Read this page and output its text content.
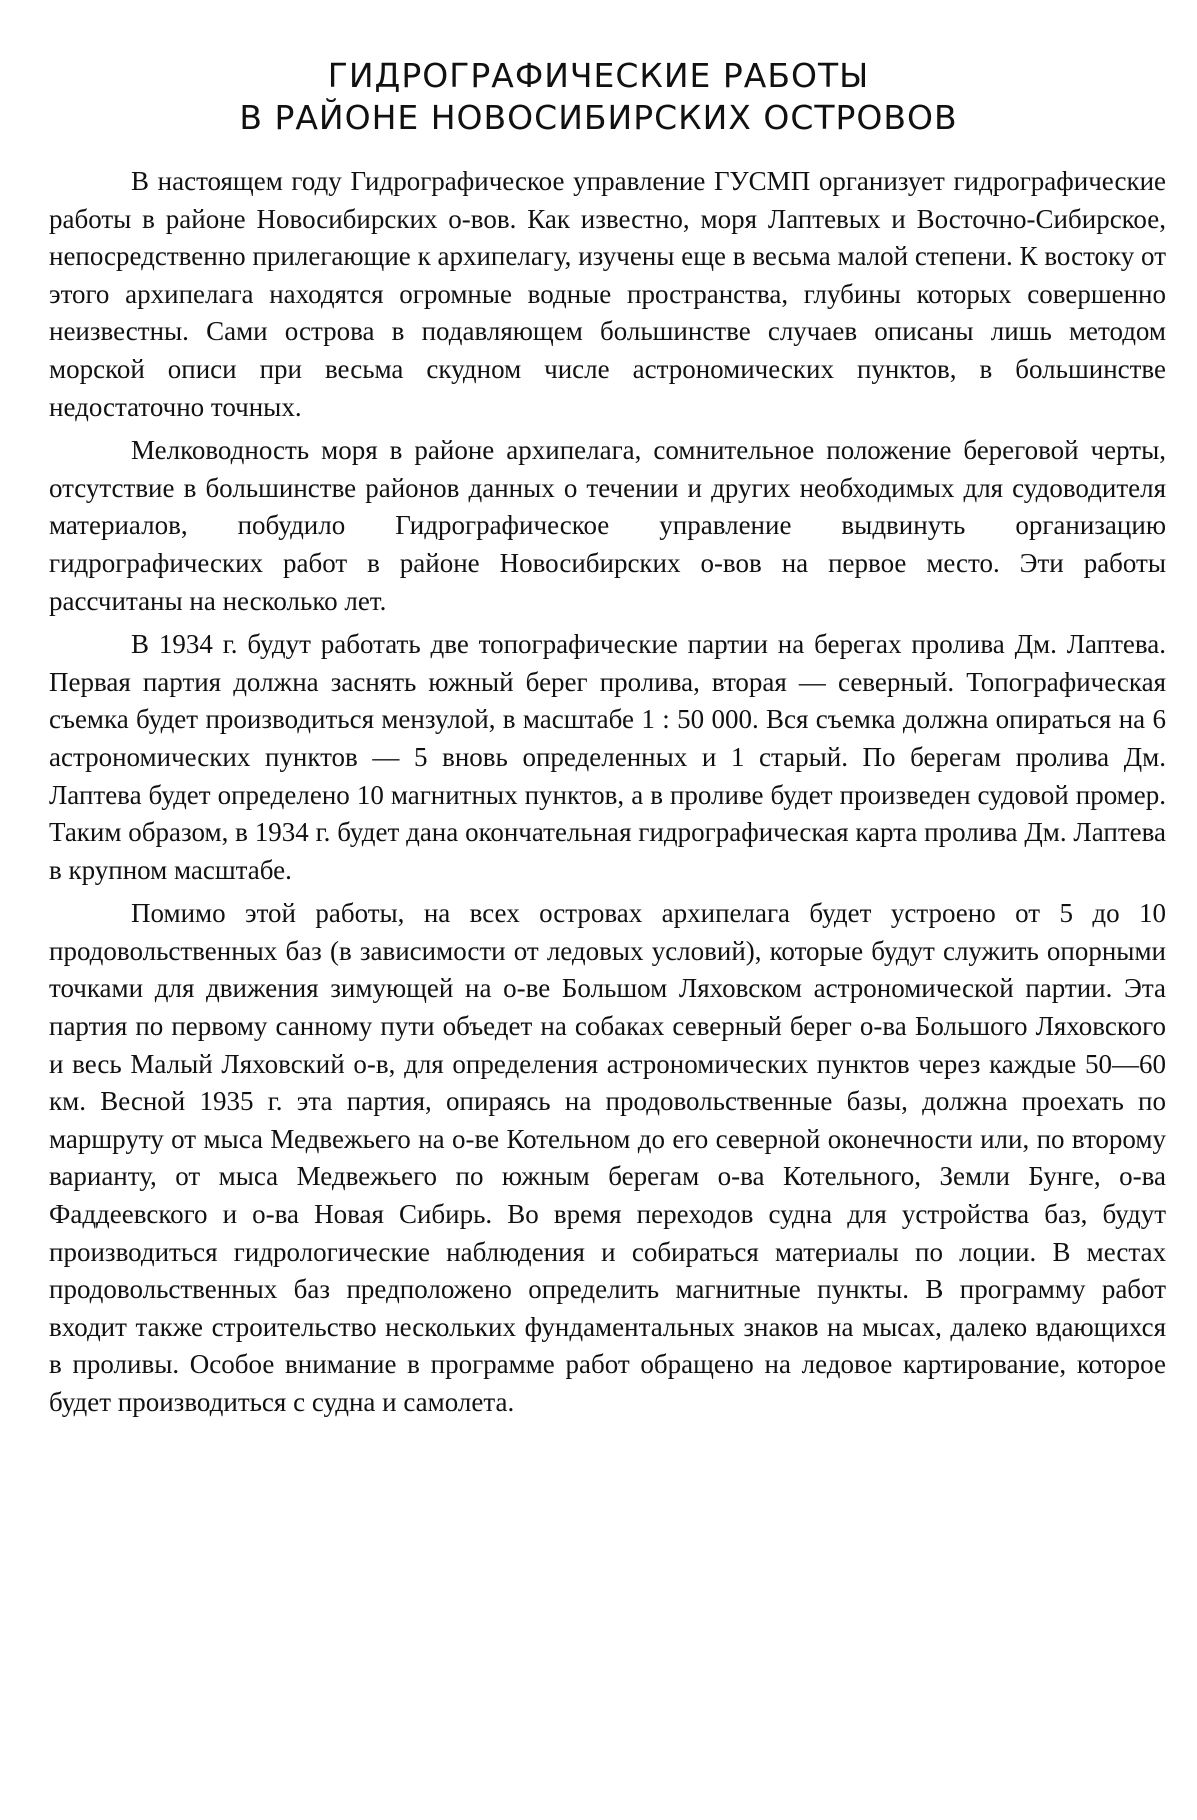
ГИДРОГРАФИЧЕСКИЕ РАБОТЫ
В РАЙОНЕ НОВОСИБИРСКИХ ОСТРОВОВ

В настоящем году Гидрографическое управление ГУСМП организует гидрографические работы в районе Новосибирских о-вов. Как известно, моря Лаптевых и Восточно-Сибирское, непосредственно прилегающие к архипелагу, изучены еще в весьма малой степени. К востоку от этого архипелага находятся огромные водные пространства, глубины которых совершенно неизвестны. Сами острова в подавляющем большинстве случаев описаны лишь методом морской описи при весьма скудном числе астрономических пунктов, в большинстве недостаточно точных.

Мелководность моря в районе архипелага, сомнительное положение береговой черты, отсутствие в большинстве районов данных о течении и других необходимых для судоводителя материалов, побудило Гидрографическое управление выдвинуть организацию гидрографических работ в районе Новосибирских о-вов на первое место. Эти работы рассчитаны на несколько лет.

В 1934 г. будут работать две топографические партии на берегах пролива Дм. Лаптева. Первая партия должна заснять южный берег пролива, вторая — северный. Топографическая съемка будет производиться мензулой, в масштабе 1 : 50 000. Вся съемка должна опираться на 6 астрономических пунктов — 5 вновь определенных и 1 старый. По берегам пролива Дм. Лаптева будет определено 10 магнитных пунктов, а в проливе будет произведен судовой промер. Таким образом, в 1934 г. будет дана окончательная гидрографическая карта пролива Дм. Лаптева в крупном масштабе.

Помимо этой работы, на всех островах архипелага будет устроено от 5 до 10 продовольственных баз (в зависимости от ледовых условий), которые будут служить опорными точками для движения зимующей на о-ве Большом Ляховском астрономической партии. Эта партия по первому санному пути объедет на собаках северный берег о-ва Большого Ляховского и весь Малый Ляховский о-в, для определения астрономических пунктов через каждые 50—60 км. Весной 1935 г. эта партия, опираясь на продовольственные базы, должна проехать по маршруту от мыса Медвежьего на о-ве Котельном до его северной оконечности или, по второму варианту, от мыса Медвежьего по южным берегам о-ва Котельного, Земли Бунге, о-ва Фаддеевского и о-ва Новая Сибирь. Во время переходов судна для устройства баз, будут производиться гидрологические наблюдения и собираться материалы по лоции. В местах продовольственных баз предположено определить магнитные пункты. В программу работ входит также строительство нескольких фундаментальных знаков на мысах, далеко вдающихся в проливы. Особое внимание в программе работ обращено на ледовое картирование, которое будет производиться с судна и самолета.
